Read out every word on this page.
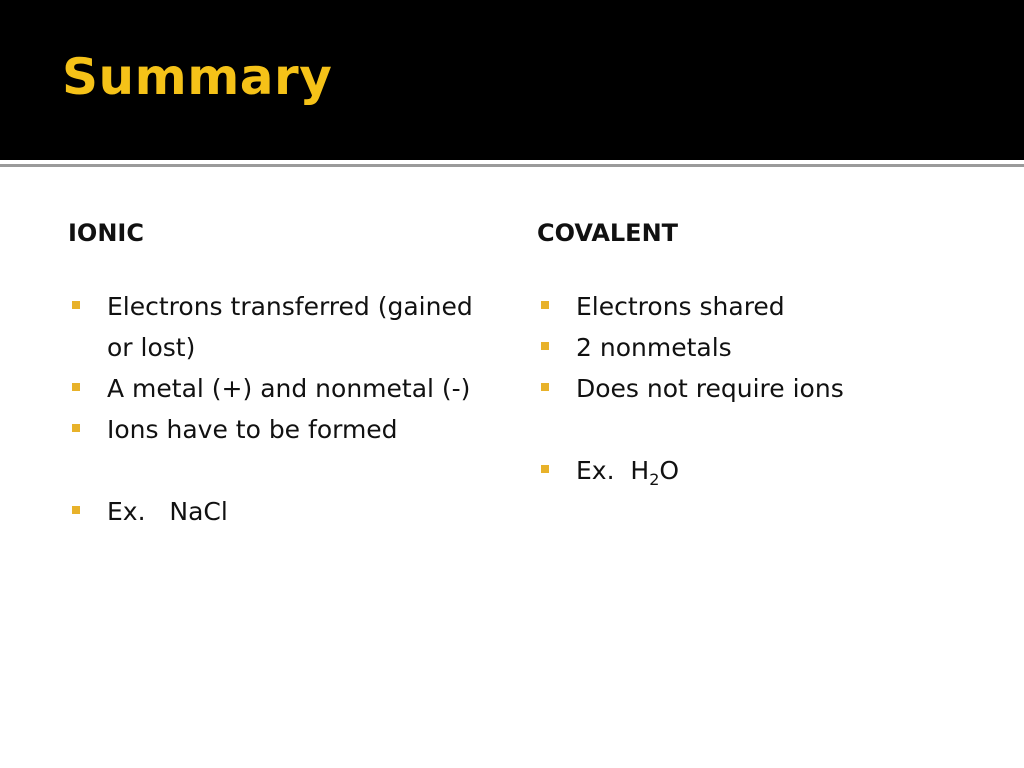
Summary
IONIC
Electrons transferred (gained or lost)
A metal (+) and nonmetal (-)
Ions have to be formed
Ex.   NaCl
COVALENT
Electrons shared
2 nonmetals
Does not require ions
Ex.  $H_2O$
